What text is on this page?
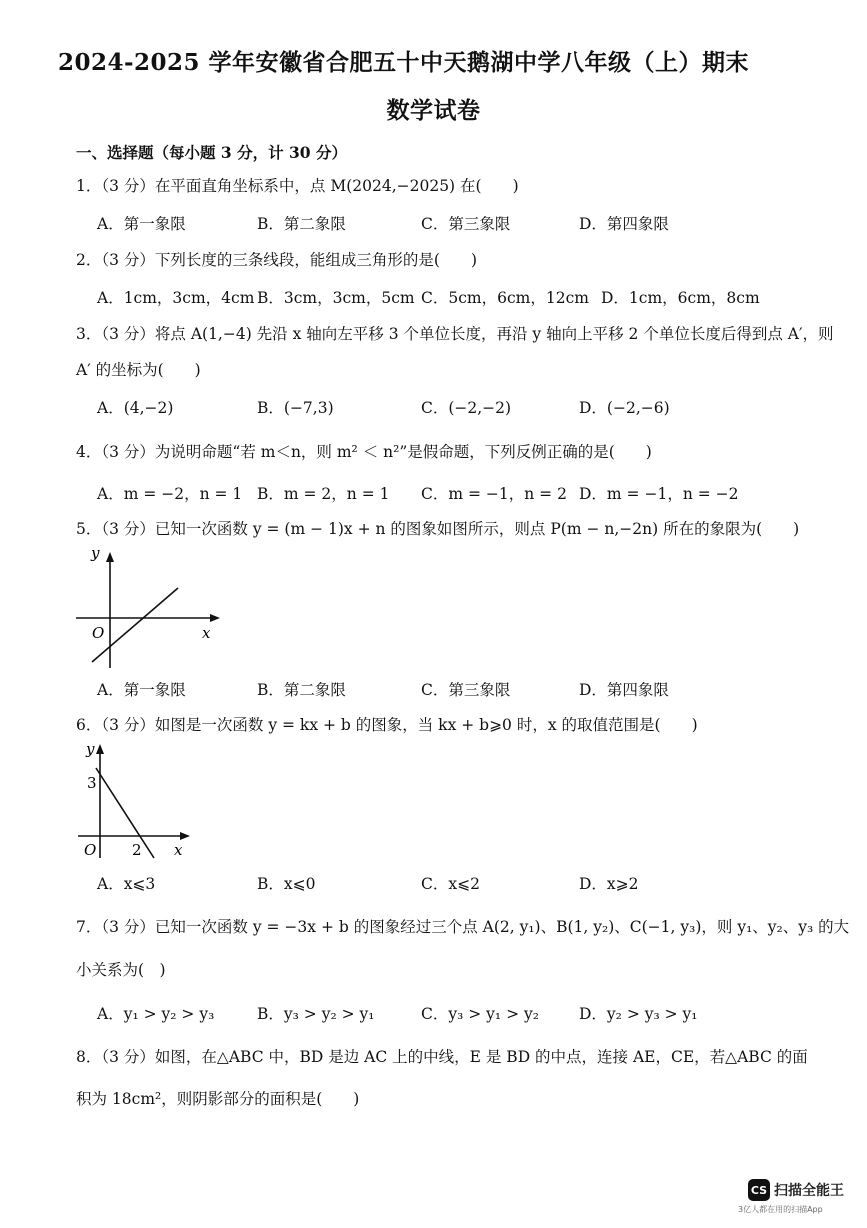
2024-2025 学年安徽省合肥五十中天鹅湖中学八年级（上）期末
数学试卷
一、选择题（每小题 3 分，计 30 分）
1．（3 分）在平面直角坐标系中，点 M(2024,−2025) 在(　　)
A．第一象限	B．第二象限	C．第三象限	D．第四象限
2．（3 分）下列长度的三条线段，能组成三角形的是(　　)
A．1cm，3cm，4cm B．3cm，3cm，5cm C．5cm，6cm，12cm D．1cm，6cm，8cm
3．（3 分）将点 A(1,−4) 先沿 x 轴向左平移 3 个单位长度，再沿 y 轴向上平移 2 个单位长度后得到点 A′，则
A′ 的坐标为(　　)
A．(4,−2)	B．(−7,3)	C．(−2,−2)	D．(−2,−6)
4．（3 分）为说明命题“若 m＜n，则 m² ＜ n²”是假命题，下列反例正确的是(　　)
A．m = −2，n = 1 B．m = 2，n = 1 C．m = −1，n = 2 D．m = −1，n = −2
5．（3 分）已知一次函数 y = (m − 1)x + n 的图象如图所示，则点 P(m − n,−2n) 所在的象限为(　　)
y
x
O
A．第一象限	B．第二象限	C．第三象限	D．第四象限
6．（3 分）如图是一次函数 y = kx + b 的图象，当 kx + b⩾0 时，x 的取值范围是(　　)
y
x
O
3
2
A．x⩽3	B．x⩽0	C．x⩽2	D．x⩾2
7．（3 分）已知一次函数 y = −3x + b 的图象经过三个点 A(2, y₁)、B(1, y₂)、C(−1, y₃)，则 y₁、y₂、y₃ 的大
小关系为(　)
A．y₁ > y₂ > y₃	B．y₃ > y₂ > y₁	C．y₃ > y₁ > y₂	D．y₂ > y₃ > y₁
8．（3 分）如图，在△ABC 中，BD 是边 AC 上的中线，E 是 BD 的中点，连接 AE，CE，若△ABC 的面
积为 18cm²，则阴影部分的面积是(　　)
CS 扫描全能王
3亿人都在用的扫描App
